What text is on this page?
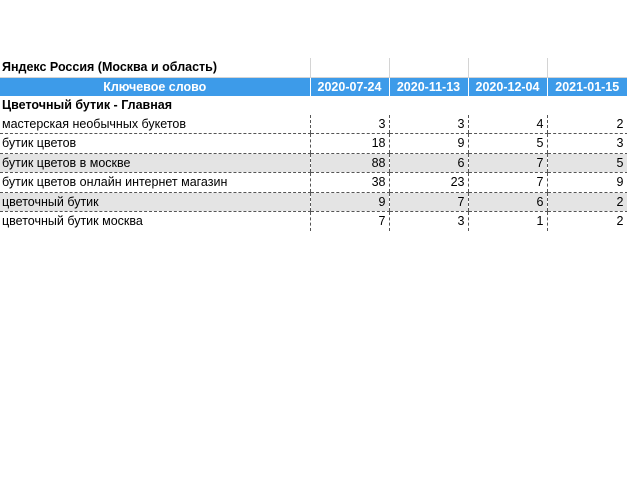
Яндекс Россия (Москва и область)				
Ключевое слово	2020-07-24	2020-11-13	2020-12-04	2021-01-15
Цветочный бутик - Главная				
мастерская необычных букетов	3	3	4	2
бутик цветов	18	9	5	3
бутик цветов в москве	88	6	7	5
бутик цветов онлайн интернет магазин	38	23	7	9
цветочный бутик	9	7	6	2
цветочный бутик москва	7	3	1	2
